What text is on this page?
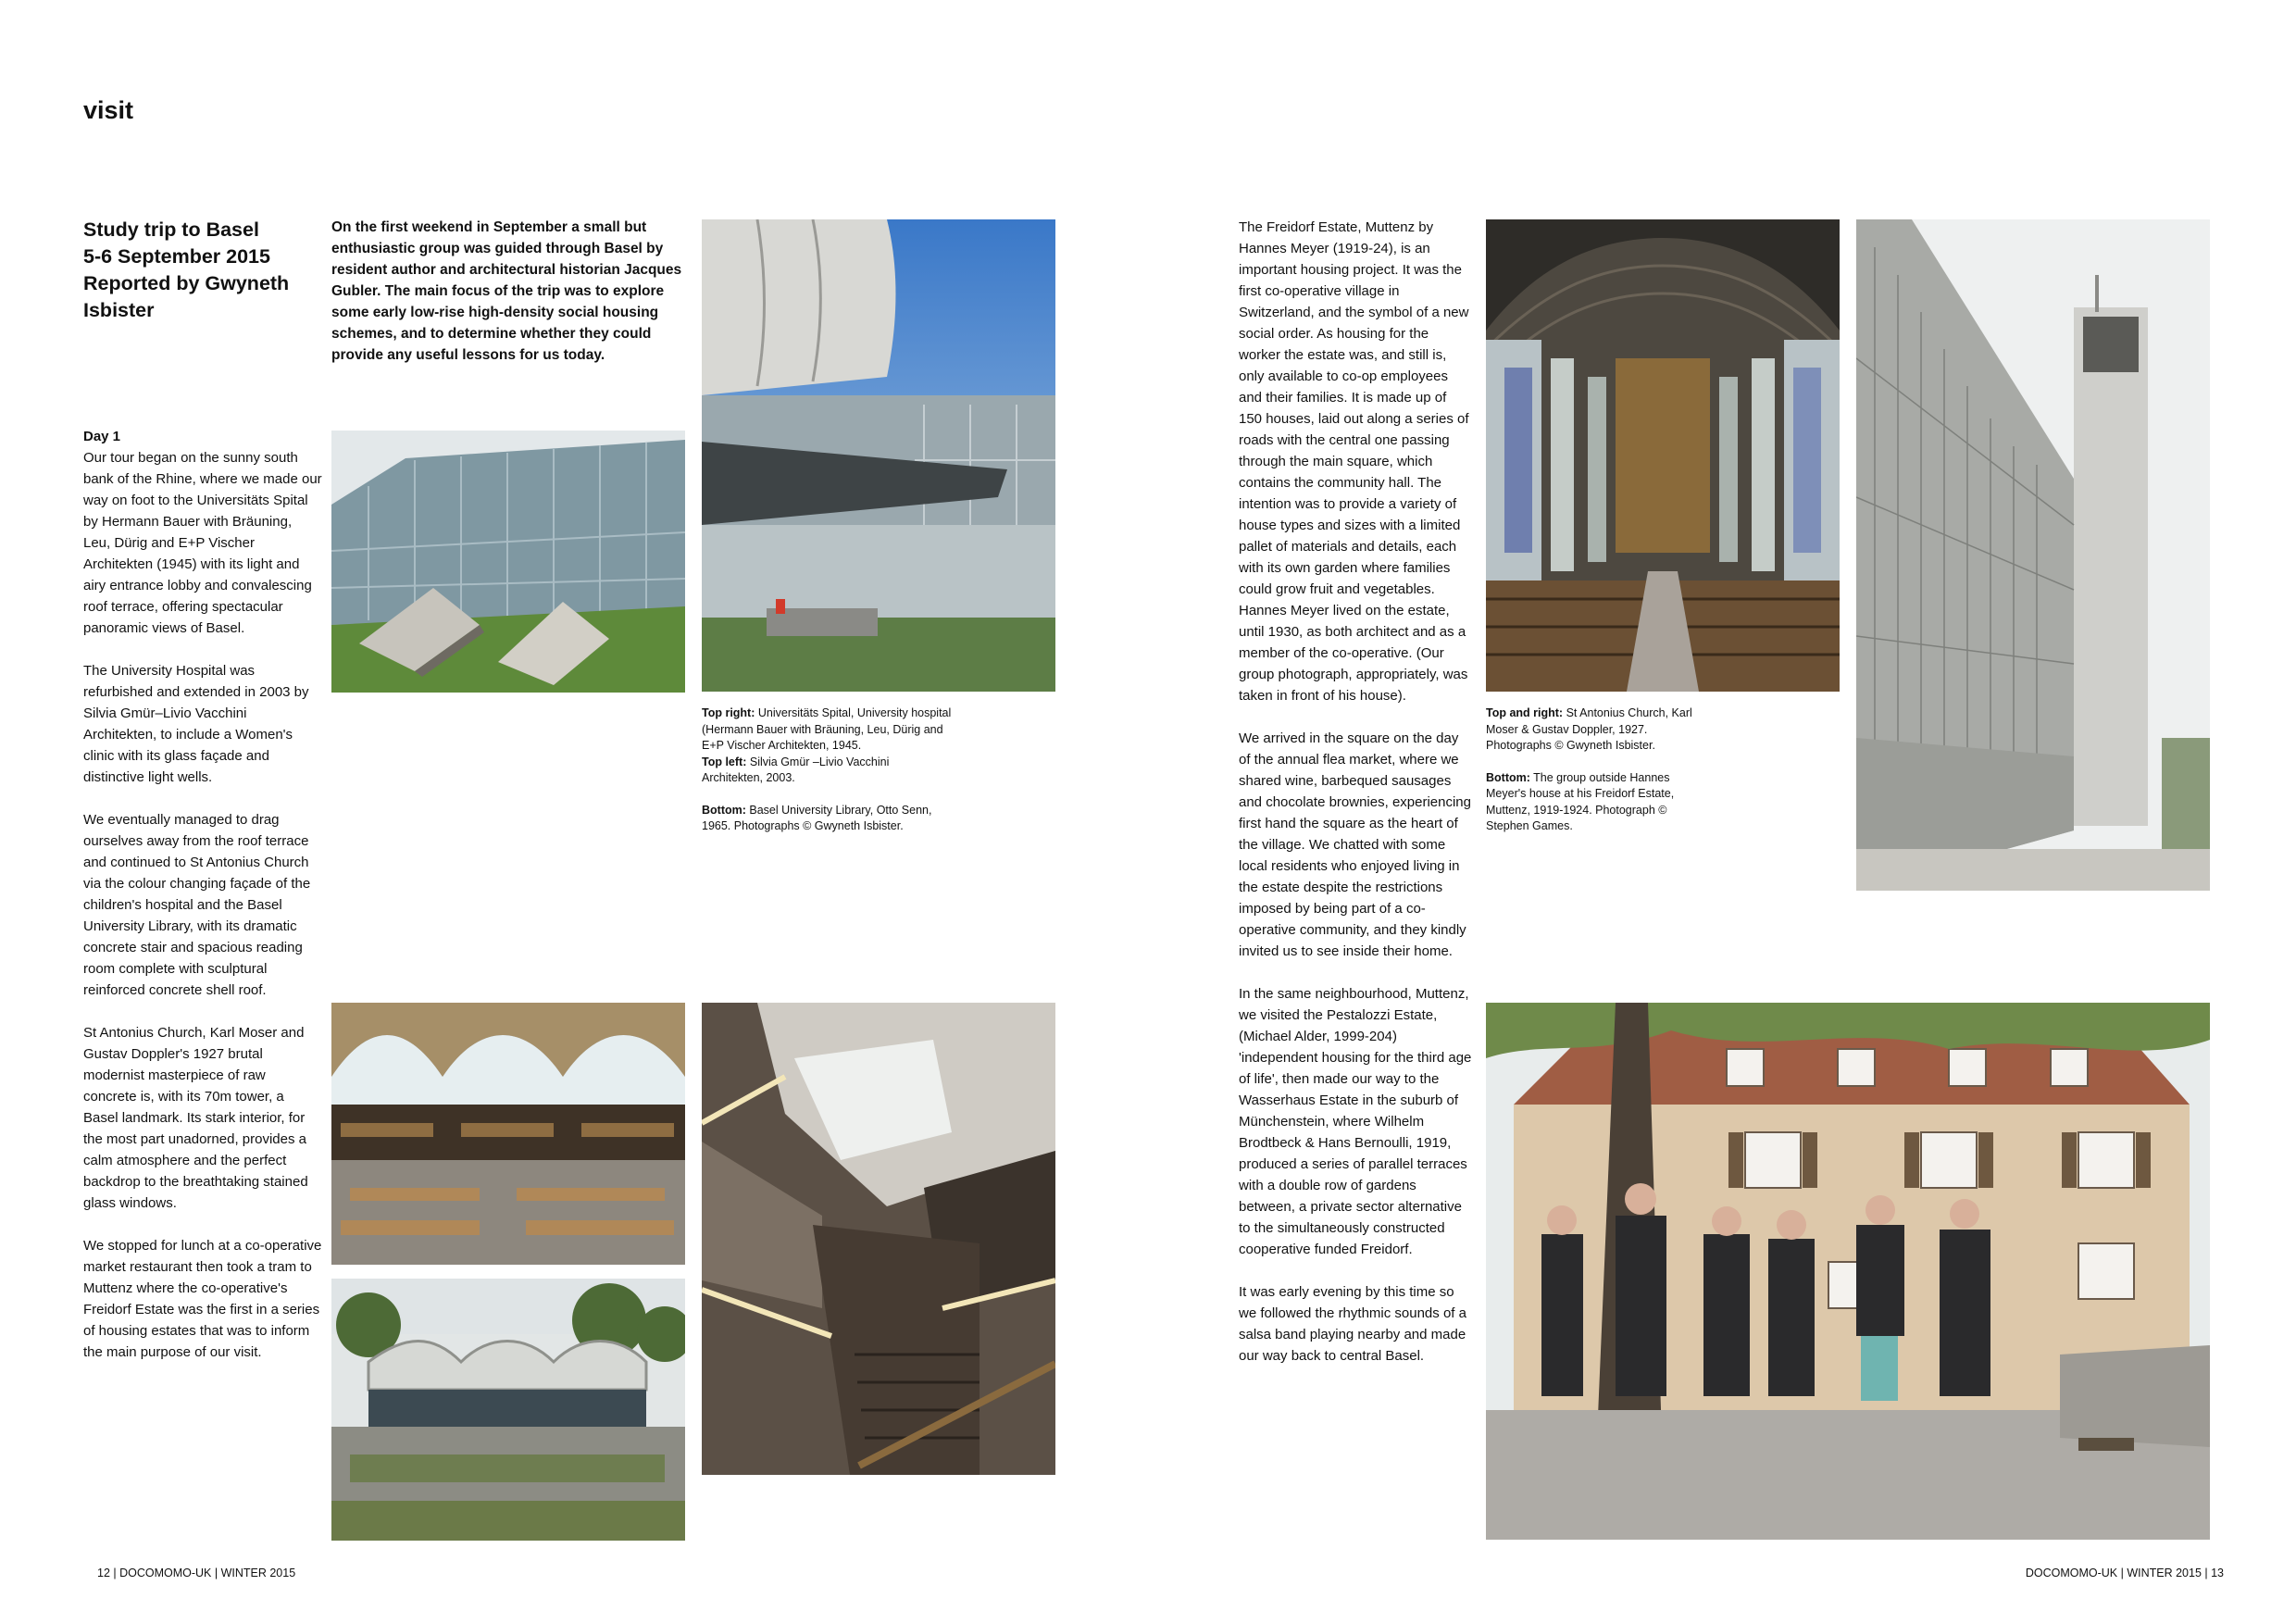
visit
Study trip to Basel
5-6 September 2015
Reported by Gwyneth
Isbister
On the first weekend in September a small but enthusiastic group was guided through Basel by resident author and architectural historian Jacques Gubler. The main focus of the trip was to explore some early low-rise high-density social housing schemes, and to determine whether they could provide any useful lessons for us today.
Day 1

Our tour began on the sunny south bank of the Rhine, where we made our way on foot to the Universitäts Spital by Hermann Bauer with Bräuning, Leu, Dürig and E+P Vischer Architekten (1945) with its light and airy entrance lobby and convalescing roof terrace, offering spectacular panoramic views of Basel.

The University Hospital was refurbished and extended in 2003 by Silvia Gmür–Livio Vacchini Architekten, to include a Women's clinic with its glass façade and distinctive light wells.

We eventually managed to drag ourselves away from the roof terrace and continued to St Antonius Church via the colour changing façade of the children's hospital and the Basel University Library, with its dramatic concrete stair and spacious reading room complete with sculptural reinforced concrete shell roof.

St Antonius Church, Karl Moser and Gustav Doppler's 1927 brutal modernist masterpiece of raw concrete is, with its 70m tower, a Basel landmark. Its stark interior, for the most part unadorned, provides a calm atmosphere and the perfect backdrop to the breathtaking stained glass windows.

We stopped for lunch at a co-operative market restaurant then took a tram to Muttenz where the co-operative's Freidorf Estate was the first in a series of housing estates that was to inform the main purpose of our visit.

Top right: Universitäts Spital, University hospital (Hermann Bauer with Bräuning, Leu, Dürig and E+P Vischer Architekten, 1945.
Top left: Silvia Gmür –Livio Vacchini Architekten, 2003.
Bottom: Basel University Library, Otto Senn, 1965. Photographs © Gwyneth Isbister.

The Freidorf Estate, Muttenz by Hannes Meyer (1919-24), is an important housing project. It was the first co-operative village in Switzerland, and the symbol of a new social order. As housing for the worker the estate was, and still is, only available to co-op employees and their families. It is made up of 150 houses, laid out along a series of roads with the central one passing through the main square, which contains the community hall. The intention was to provide a variety of house types and sizes with a limited pallet of materials and details, each with its own garden where families could grow fruit and vegetables. Hannes Meyer lived on the estate, until 1930, as both architect and as a member of the co-operative. (Our group photograph, appropriately, was taken in front of his house).

We arrived in the square on the day of the annual flea market, where we shared wine, barbequed sausages and chocolate brownies, experiencing first hand the square as the heart of the village. We chatted with some local residents who enjoyed living in the estate despite the restrictions imposed by being part of a co-operative community, and they kindly invited us to see inside their home.

In the same neighbourhood, Muttenz, we visited the Pestalozzi Estate, (Michael Alder, 1999-204) 'independent housing for the third age of life', then made our way to the Wasserhaus Estate in the suburb of Münchenstein, where Wilhelm Brodtbeck & Hans Bernoulli, 1919, produced a series of parallel terraces with a double row of gardens between, a private sector alternative to the simultaneously constructed cooperative funded Freidorf.

It was early evening by this time so we followed the rhythmic sounds of a salsa band playing nearby and made our way back to central Basel.

Top and right: St Antonius Church, Karl Moser & Gustav Doppler, 1927. Photographs © Gwyneth Isbister.

Bottom: The group outside Hannes Meyer's house at his Freidorf Estate, Muttenz, 1919-1924. Photograph © Stephen Games.

12 | DOCOMOMO-UK | WINTER 2015	DOCOMOMO-UK | WINTER 2015 | 13
